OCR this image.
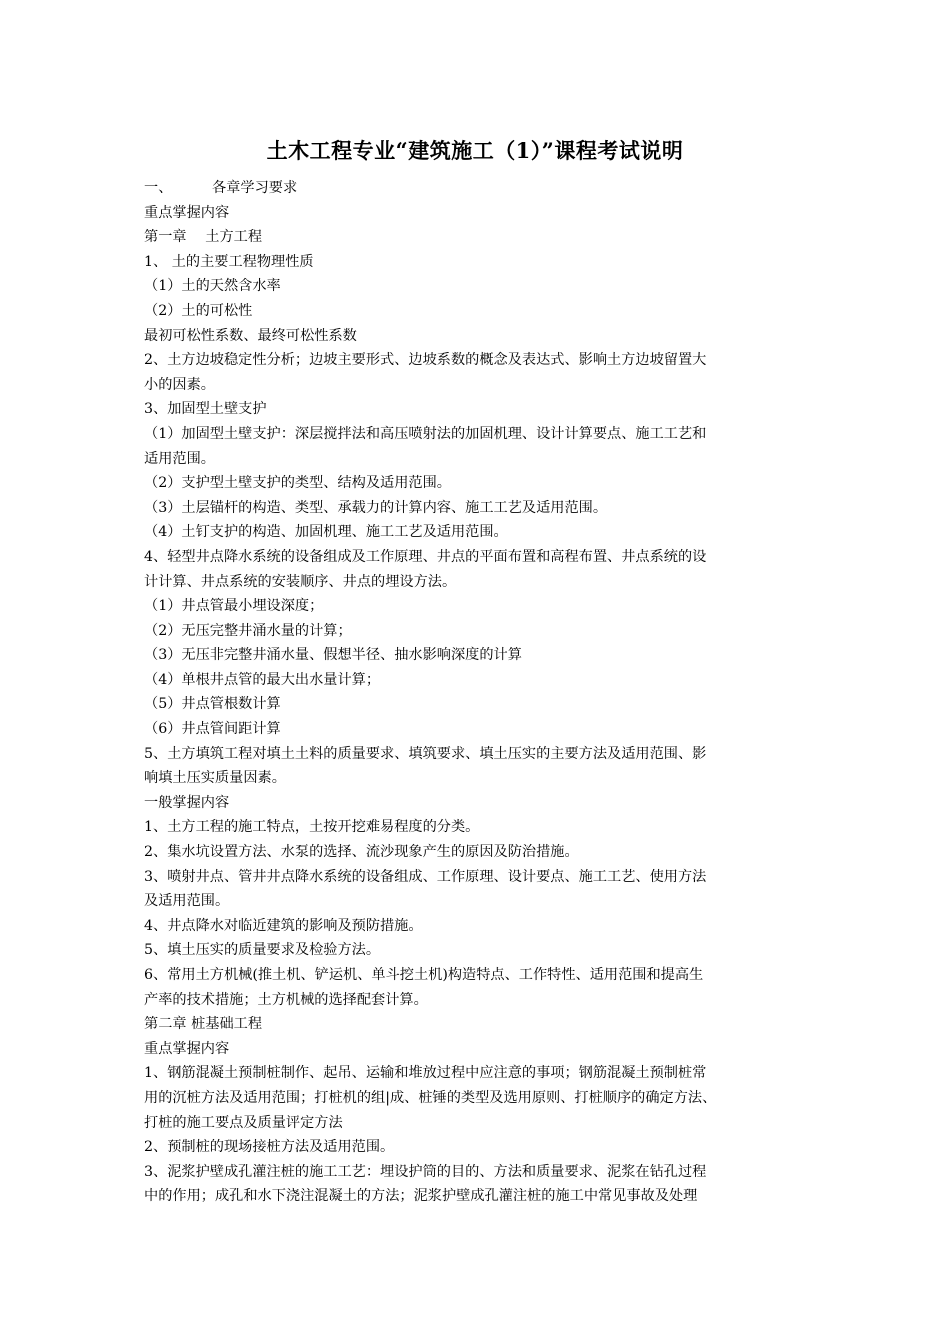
土木工程专业“建筑施工（1）”课程考试说明
一、	各章学习要求
重点掌握内容
第一章　 土方工程
1、 土的主要工程物理性质
（1）土的天然含水率
（2）土的可松性
最初可松性系数、最终可松性系数
2、土方边坡稳定性分析；边坡主要形式、边坡系数的概念及表达式、影响土方边坡留置大
小的因素。
3、加固型土壁支护
（1）加固型土壁支护：深层搅拌法和高压喷射法的加固机理、设计计算要点、施工工艺和
适用范围。
（2）支护型土壁支护的类型、结构及适用范围。
（3）土层锚杆的构造、类型、承载力的计算内容、施工工艺及适用范围。
（4）土钉支护的构造、加固机理、施工工艺及适用范围。
4、轻型井点降水系统的设备组成及工作原理、井点的平面布置和高程布置、井点系统的设
计计算、井点系统的安装顺序、井点的埋设方法。
（1）井点管最小埋设深度；
（2）无压完整井涌水量的计算；
（3）无压非完整井涌水量、假想半径、抽水影响深度的计算
（4）单根井点管的最大出水量计算；
（5）井点管根数计算
（6）井点管间距计算
5、土方填筑工程对填土土料的质量要求、填筑要求、填土压实的主要方法及适用范围、影
响填土压实质量因素。
一般掌握内容
1、土方工程的施工特点，土按开挖难易程度的分类。
2、集水坑设置方法、水泵的选择、流沙现象产生的原因及防治措施。
3、喷射井点、管井井点降水系统的设备组成、工作原理、设计要点、施工工艺、使用方法
及适用范围。
4、井点降水对临近建筑的影响及预防措施。
5、填土压实的质量要求及检验方法。
6、常用土方机械(推土机、铲运机、单斗挖土机)构造特点、工作特性、适用范围和提高生
产率的技术措施；土方机械的选择配套计算。
第二章 桩基础工程
重点掌握内容
1、钢筋混凝土预制桩制作、起吊、运输和堆放过程中应注意的事项；钢筋混凝土预制桩常
用的沉桩方法及适用范围；打桩机的组|成、桩锤的类型及选用原则、打桩顺序的确定方法、
打桩的施工要点及质量评定方法
2、预制桩的现场接桩方法及适用范围。
3、泥浆护壁成孔灌注桩的施工工艺：埋设护筒的目的、方法和质量要求、泥浆在钻孔过程
中的作用；成孔和水下浇注混凝土的方法；泥浆护壁成孔灌注桩的施工中常见事故及处理
